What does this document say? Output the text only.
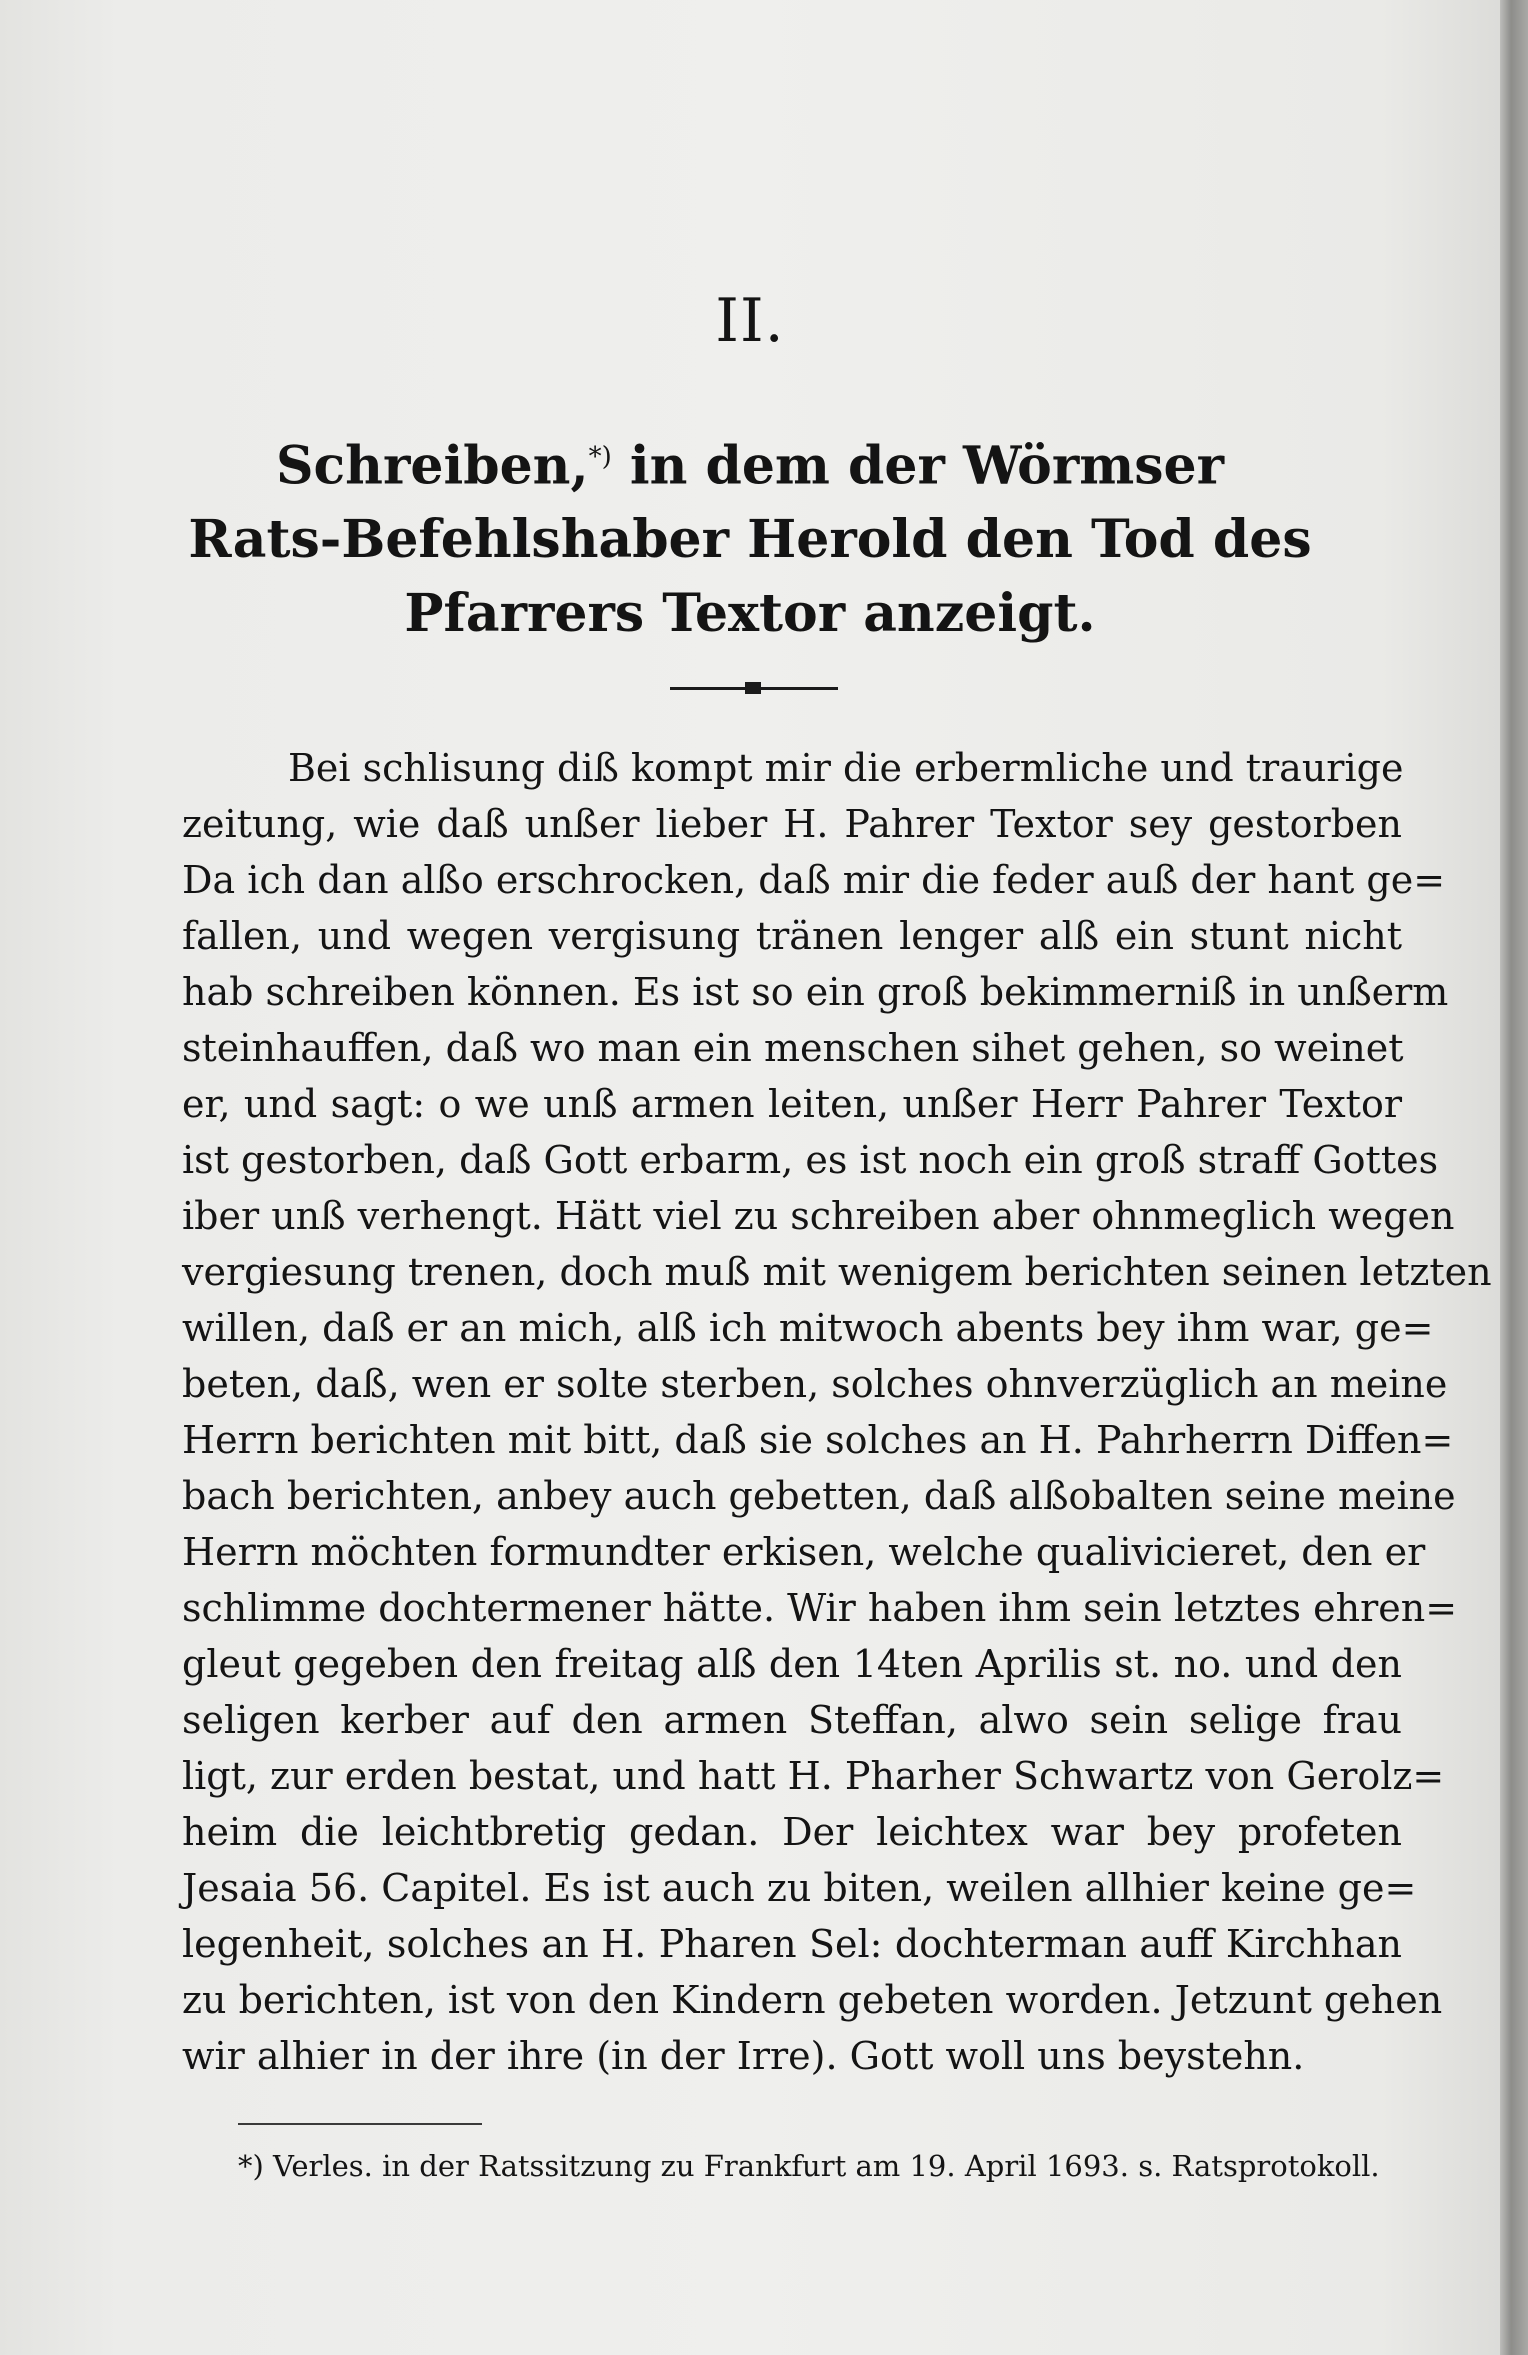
II.
Schreiben,*) in dem der Wörmser
Rats-Befehlshaber Herold den Tod des
Pfarrers Textor anzeigt.
Bei schlisung diß kompt mir die erbermliche und traurige
zeitung, wie daß unßer lieber H. Pahrer Textor sey gestorben
Da ich dan alßo erschrocken, daß mir die feder auß der hant ge=
fallen, und wegen vergisung tränen lenger alß ein stunt nicht
hab schreiben können. Es ist so ein groß bekimmerniß in unßerm
steinhauffen, daß wo man ein menschen sihet gehen, so weinet
er, und sagt: o we unß armen leiten, unßer Herr Pahrer Textor
ist gestorben, daß Gott erbarm, es ist noch ein groß straff Gottes
iber unß verhengt. Hätt viel zu schreiben aber ohnmeglich wegen
vergiesung trenen, doch muß mit wenigem berichten seinen letzten
willen, daß er an mich, alß ich mitwoch abents bey ihm war, ge=
beten, daß, wen er solte sterben, solches ohnverzüglich an meine
Herrn berichten mit bitt, daß sie solches an H. Pahrherrn Diffen=
bach berichten, anbey auch gebetten, daß alßobalten seine meine
Herrn möchten formundter erkisen, welche qualivicieret, den er
schlimme dochtermener hätte. Wir haben ihm sein letztes ehren=
gleut gegeben den freitag alß den 14ten Aprilis st. no. und den
seligen kerber auf den armen Steffan, alwo sein selige frau
ligt, zur erden bestat, und hatt H. Pharher Schwartz von Gerolz=
heim die leichtbretig gedan. Der leichtex war bey profeten
Jesaia 56. Capitel. Es ist auch zu biten, weilen allhier keine ge=
legenheit, solches an H. Pharen Sel: dochterman auff Kirchhan
zu berichten, ist von den Kindern gebeten worden. Jetzunt gehen
wir alhier in der ihre (in der Irre). Gott woll uns beystehn.
*) Verles. in der Ratssitzung zu Frankfurt am 19. April 1693. s. Ratsprotokoll.
